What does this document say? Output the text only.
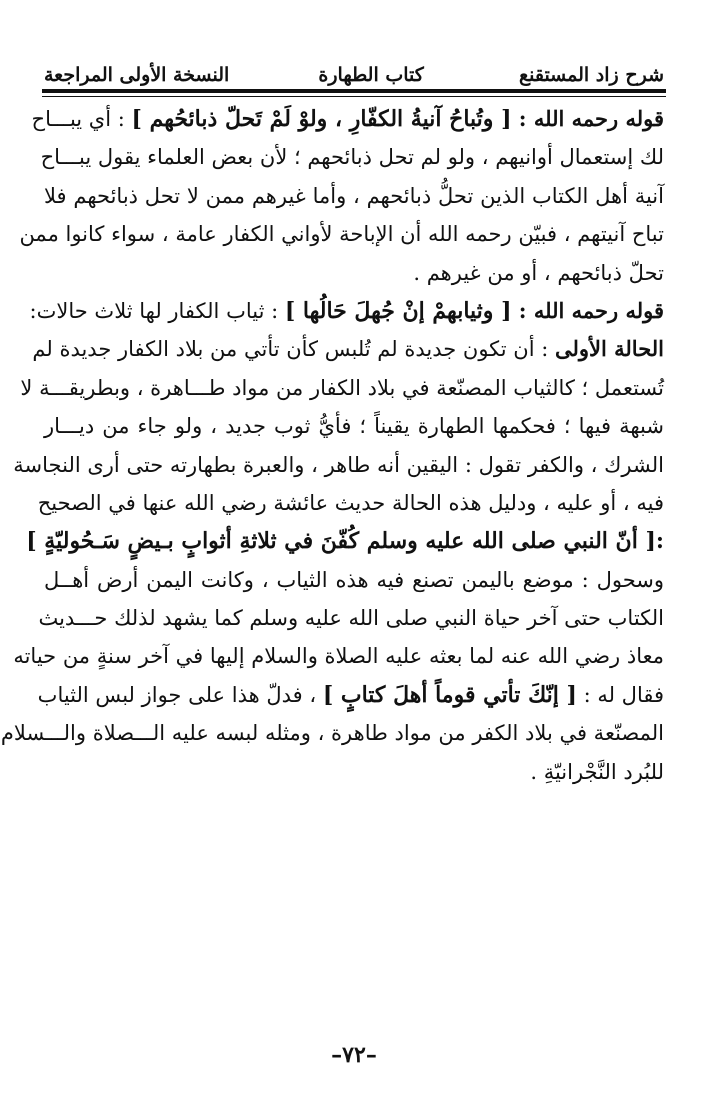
شرح زاد المستقنع
كتاب الطهارة
النسخة الأولى المراجعة
قوله رحمه الله : [ وتُباحُ آنيةُ الكفّارِ ، ولوْ لَمْ تَحلّ ذبائحُهم ] : أي يبـــاح
لك إستعمال أوانيهم ، ولو لم تحل ذبائحهم ؛ لأن بعض العلماء يقول يبـــاح
آنية أهل الكتاب الذين تحلُّ ذبائحهم ، وأما غيرهم ممن لا تحل ذبائحهم فلا
تباح آنيتهم ، فبيّن رحمه الله أن الإباحة لأواني الكفار عامة ، سواء كانوا ممن
تحلّ ذبائحهم ، أو من غيرهم .
قوله رحمه الله : [ وثيابهمْ إنْ جُهلَ حَالُها ] : ثياب الكفار لها ثلاث حالات:
الحالة الأولى : أن تكون جديدة لم تُلبس كأن تأتي من بلاد الكفار جديدة لم
تُستعمل ؛ كالثياب المصنّعة في بلاد الكفار من مواد طـــاهرة ، وبطريقـــة لا
شبهة فيها ؛ فحكمها الطهارة يقيناً ؛ فأيُّ ثوب جديد ، ولو جاء من ديـــار
الشرك ، والكفر تقول : اليقين أنه طاهر ، والعبرة بطهارته حتى أرى النجاسة
فيه ، أو عليه ، ودليل هذه الحالة حديث عائشة رضي الله عنها في الصحيح
:[ أنّ النبي صلى الله عليه وسلم كُفّنَ في ثلاثةِ أثوابٍ بـيضٍ سَـحُوليّةٍ ]
وسحول : موضع باليمن تصنع فيه هذه الثياب ، وكانت اليمن أرض أهــل
الكتاب حتى آخر حياة النبي صلى الله عليه وسلم كما يشهد لذلك حـــديث
معاذ رضي الله عنه لما بعثه عليه الصلاة والسلام إليها في آخر سنةٍ من حياته
فقال له : [ إنّكَ تأتي قوماً أهلَ كتابٍ ] ، فدلّ هذا على جواز لبس الثياب
المصنّعة في بلاد الكفر من مواد طاهرة ، ومثله لبسه عليه الـــصلاة والـــسلام
للبُرد النَّجْرانيّةِ .
–٧٢–
